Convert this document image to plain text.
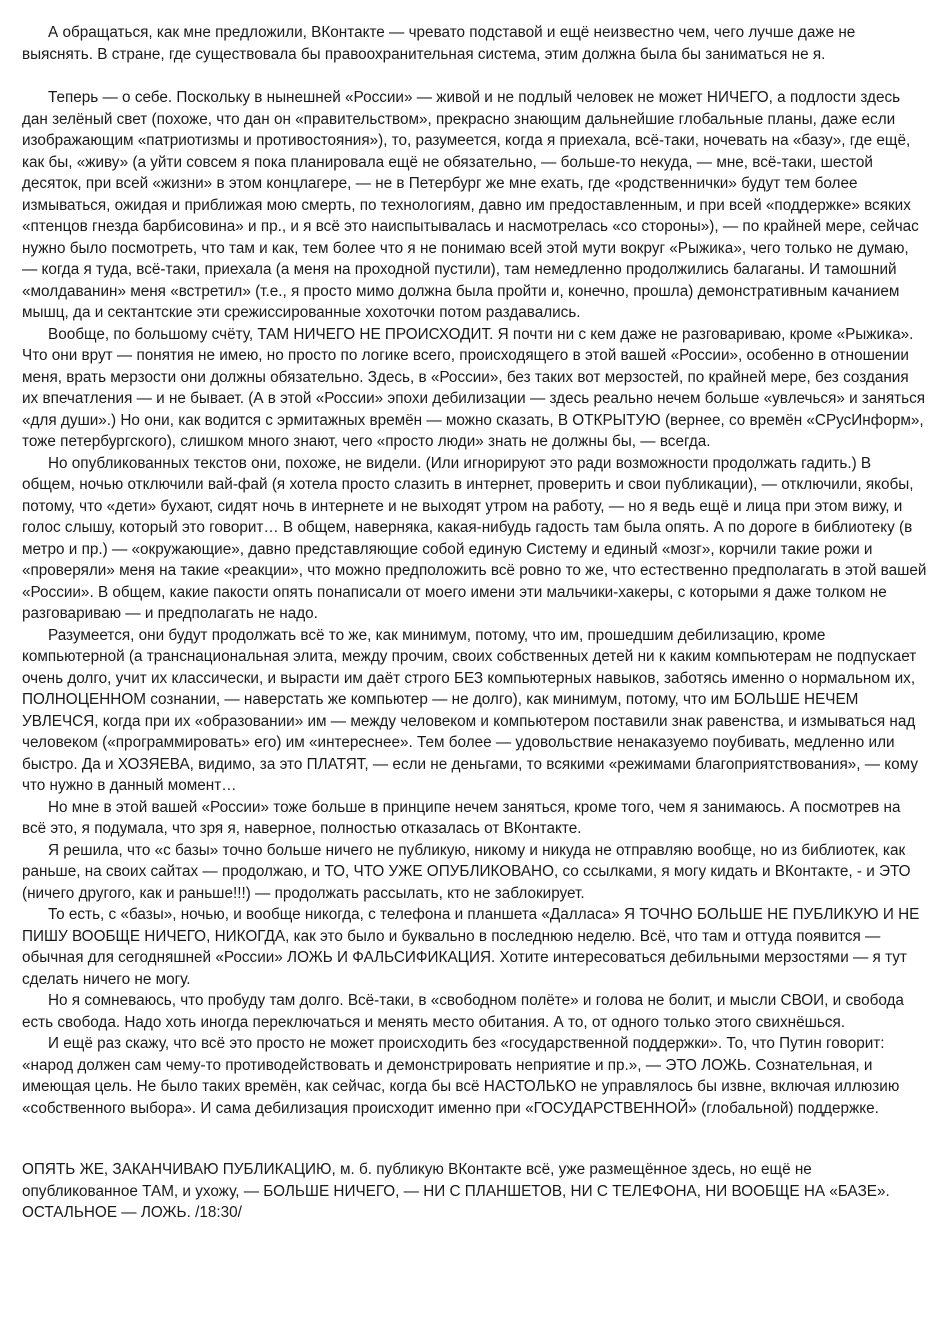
А обращаться, как мне предложили, ВКонтакте — чревато подставой и ещё неизвестно чем, чего лучше даже не выяснять. В стране, где существовала бы правоохранительная система, этим должна была бы заниматься не я.

Теперь — о себе. Поскольку в нынешней «России» — живой и не подлый человек не может НИЧЕГО, а подлости здесь дан зелёный свет (похоже, что дан он «правительством», прекрасно знающим дальнейшие глобальные планы, даже если изображающим «патриотизмы и противостояния»), то, разумеется, когда я приехала, всё-таки, ночевать на «базу», где ещё, как бы, «живу» (а уйти совсем я пока планировала ещё не обязательно, — больше-то некуда, — мне, всё-таки, шестой десяток, при всей «жизни» в этом концлагере, — не в Петербург же мне ехать, где «родственнички» будут тем более измываться, ожидая и приближая мою смерть, по технологиям, давно им предоставленным, и при всей «поддержке» всяких «птенцов гнезда барбисовина» и пр., и я всё это наиспытывалась и насмотрелась «со стороны»), — по крайней мере, сейчас нужно было посмотреть, что там и как, тем более что я не понимаю всей этой мути вокруг «Рыжика», чего только не думаю, — когда я туда, всё-таки, приехала (а меня на проходной пустили), там немедленно продолжились балаганы. И тамошний «молдаванин» меня «встретил» (т.е., я просто мимо должна была пройти и, конечно, прошла) демонстративным качанием мышц, да и сектантские эти срежиссированные хохоточки потом раздавались.

Вообще, по большому счёту, ТАМ НИЧЕГО НЕ ПРОИСХОДИТ. Я почти ни с кем даже не разговариваю, кроме «Рыжика». Что они врут — понятия не имею, но просто по логике всего, происходящего в этой вашей «России», особенно в отношении меня, врать мерзости они должны обязательно. Здесь, в «России», без таких вот мерзостей, по крайней мере, без создания их впечатления — и не бывает. (А в этой «России» эпохи дебилизации — здесь реально нечем больше «увлечься» и заняться «для души».) Но они, как водится с эрмитажных времён — можно сказать, В ОТКРЫТУЮ (вернее, со времён «СРусИнформ», тоже петербургского), слишком много знают, чего «просто люди» знать не должны бы, — всегда.

Но опубликованных текстов они, похоже, не видели. (Или игнорируют это ради возможности продолжать гадить.) В общем, ночью отключили вай-фай (я хотела просто слазить в интернет, проверить и свои публикации), — отключили, якобы, потому, что «дети» бухают, сидят ночь в интернете и не выходят утром на работу, — но я ведь ещё и лица при этом вижу, и голос слышу, который это говорит… В общем, наверняка, какая-нибудь гадость там была опять. А по дороге в библиотеку (в метро и пр.) — «окружающие», давно представляющие собой единую Систему и единый «мозг», корчили такие рожи и «проверяли» меня на такие «реакции», что можно предположить всё ровно то же, что естественно предполагать в этой вашей «России». В общем, какие пакости опять понаписали от моего имени эти мальчики-хакеры, с которыми я даже толком не разговариваю — и предполагать не надо.

Разумеется, они будут продолжать всё то же, как минимум, потому, что им, прошедшим дебилизацию, кроме компьютерной (а транснациональная элита, между прочим, своих собственных детей ни к каким компьютерам не подпускает очень долго, учит их классически, и вырасти им даёт строго БЕЗ компьютерных навыков, заботясь именно о нормальном их, ПОЛНОЦЕННОМ сознании, — наверстать же компьютер — не долго), как минимум, потому, что им БОЛЬШЕ НЕЧЕМ УВЛЕЧСЯ, когда при их «образовании» им — между человеком и компьютером поставили знак равенства, и измываться над человеком («программировать» его) им «интереснее». Тем более — удовольствие ненаказуемо поубивать, медленно или быстро. Да и ХОЗЯЕВА, видимо, за это ПЛАТЯТ, — если не деньгами, то всякими «режимами благоприятствования», — кому что нужно в данный момент…

Но мне в этой вашей «России» тоже больше в принципе нечем заняться, кроме того, чем я занимаюсь. А посмотрев на всё это, я подумала, что зря я, наверное, полностью отказалась от ВКонтакте.

Я решила, что «с базы» точно больше ничего не публикую, никому и никуда не отправляю вообще, но из библиотек, как раньше, на своих сайтах — продолжаю, и ТО, ЧТО УЖЕ ОПУБЛИКОВАНО, со ссылками, я могу кидать и ВКонтакте, - и ЭТО (ничего другого, как и раньше!!!) — продолжать рассылать, кто не заблокирует.

То есть, с «базы», ночью, и вообще никогда, с телефона и планшета «Далласа» Я ТОЧНО БОЛЬШЕ НЕ ПУБЛИКУЮ И НЕ ПИШУ ВООБЩЕ НИЧЕГО, НИКОГДА, как это было и буквально в последнюю неделю. Всё, что там и оттуда появится — обычная для сегодняшней «России» ЛОЖЬ И ФАЛЬСИФИКАЦИЯ. Хотите интересоваться дебильными мерзостями — я тут сделать ничего не могу.

Но я сомневаюсь, что пробуду там долго. Всё-таки, в «свободном полёте» и голова не болит, и мысли СВОИ, и свобода есть свобода. Надо хоть иногда переключаться и менять место обитания. А то, от одного только этого свихнёшься.

И ещё раз скажу, что всё это просто не может происходить без «государственной поддержки». То, что Путин говорит: «народ должен сам чему-то противодействовать и демонстрировать неприятие и пр.», — ЭТО ЛОЖЬ. Сознательная, и имеющая цель. Не было таких времён, как сейчас, когда бы всё НАСТОЛЬКО не управлялось бы извне, включая иллюзию «собственного выбора». И сама дебилизация происходит именно при «ГОСУДАРСТВЕННОЙ» (глобальной) поддержке.

ОПЯТЬ ЖЕ, ЗАКАНЧИВАЮ ПУБЛИКАЦИЮ, м. б. публикую ВКонтакте всё, уже размещённое здесь, но ещё не опубликованное ТАМ, и ухожу, — БОЛЬШЕ НИЧЕГО, — НИ С ПЛАНШЕТОВ, НИ С ТЕЛЕФОНА, НИ ВООБЩЕ НА «БАЗЕ». ОСТАЛЬНОЕ — ЛОЖЬ. /18:30/
